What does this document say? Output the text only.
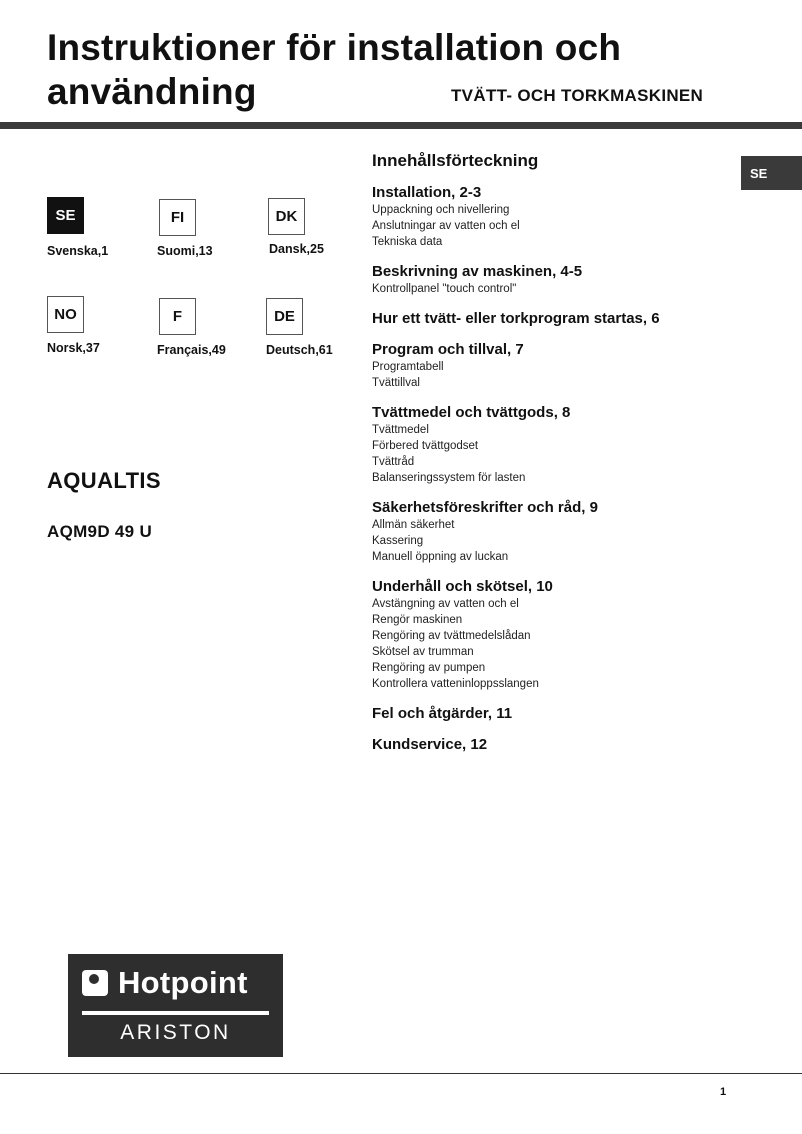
Instruktioner för installation och användning	TVÄTT- OCH TORKMASKINEN
SE
SE
Svenska,1
FI
Suomi,13
DK
Dansk,25
NO
Norsk,37
F
Français,49
DE
Deutsch,61
AQUALTIS
AQM9D 49 U
Innehållsförteckning
Installation, 2-3
Uppackning och nivellering
Anslutningar av vatten och el
Tekniska data
Beskrivning av maskinen, 4-5
Kontrollpanel "touch control"
Hur ett tvätt- eller torkprogram startas, 6
Program och tillval, 7
Programtabell
Tvättillval
Tvättmedel och tvättgods, 8
Tvättmedel
Förbered tvättgodset
Tvättråd
Balanseringssystem för lasten
Säkerhetsföreskrifter och råd, 9
Allmän säkerhet
Kassering
Manuell öppning av luckan
Underhåll och skötsel, 10
Avstängning av vatten och el
Rengör maskinen
Rengöring av tvättmedelslådan
Skötsel av trumman
Rengöring av pumpen
Kontrollera vatteninloppsslangen
Fel och åtgärder, 11
Kundservice, 12
Hotpoint
ARISTON
1
